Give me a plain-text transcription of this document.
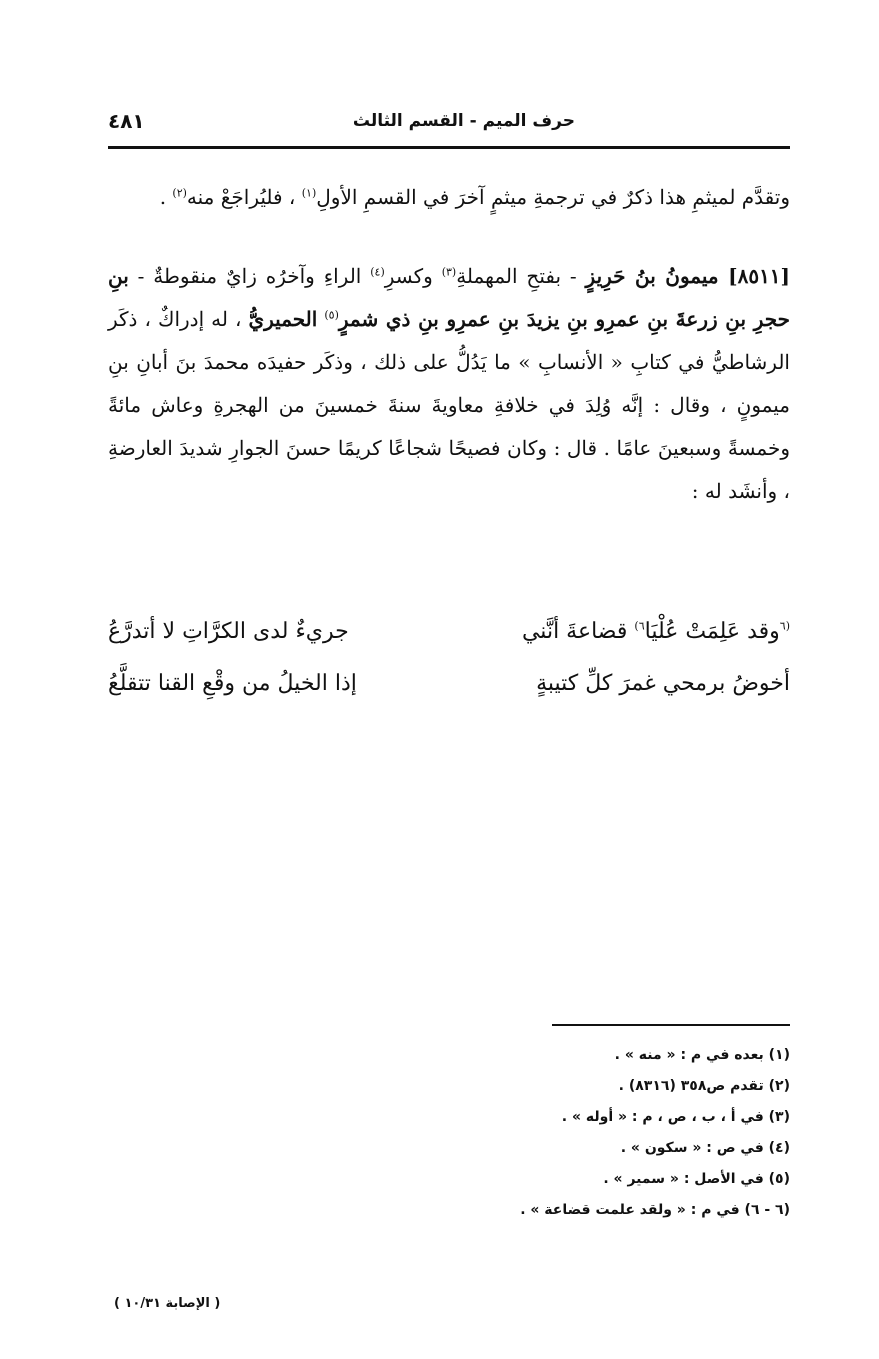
حرف الميم - القسم الثالث
٤٨١

وتقدَّم لميثمِ هذا ذكرٌ في ترجمةِ ميثمٍ آخرَ في القسمِ الأولِ$^{(١)}$ ، فليُراجَعْ منه$^{(٢)}$ .

[٨٥١١] ميمونُ بنُ حَرِيزٍ - بفتحِ المهملةِ$^{(٣)}$ وكسرِ$^{(٤)}$ الراءِ وآخرُه زايٌ منقوطةٌ - بنِ حجرِ بنِ زرعةَ بنِ عمرِو بنِ يزيدَ بنِ عمرِو بنِ ذي شمرٍ$^{(٥)}$ الحميريُّ ، له إدراكٌ ، ذكَر الرشاطيُّ في كتابِ « الأنسابِ » ما يَدُلُّ على ذلك ، وذكَر حفيدَه محمدَ بنَ أبانِ بنِ ميمونٍ ، وقال : إنَّه وُلِدَ في خلافةِ معاويةَ سنةَ خمسينَ من الهجرةِ وعاش مائةً وخمسةً وسبعينَ عامًا . قال : وكان فصيحًا شجاعًا كريمًا حسنَ الجوارِ شديدَ العارضةِ ، وأنشَد له :

$^{(٦}$وقد عَلِمَتْ عُلْيَا$^{٦)}$ قضاعةَ أنَّني
جريءٌ لدى الكرَّاتِ لا أتدرَّعُ
أخوضُ برمحي غمرَ كلِّ كتيبةٍ
إذا الخيلُ من وقْعِ القنا تتقلَّعُ
(١) بعده في م : « منه » .
(٢) تقدم ص٣٥٨ (٨٣١٦) .
(٣) في أ ، ب ، ص ، م : « أوله » .
(٤) في ص : « سكون » .
(٥) في الأصل : « سمير » .
(٦ - ٦) في م : « ولقد علمت قضاعة » .
( الإصابة ١٠/٣١ )
